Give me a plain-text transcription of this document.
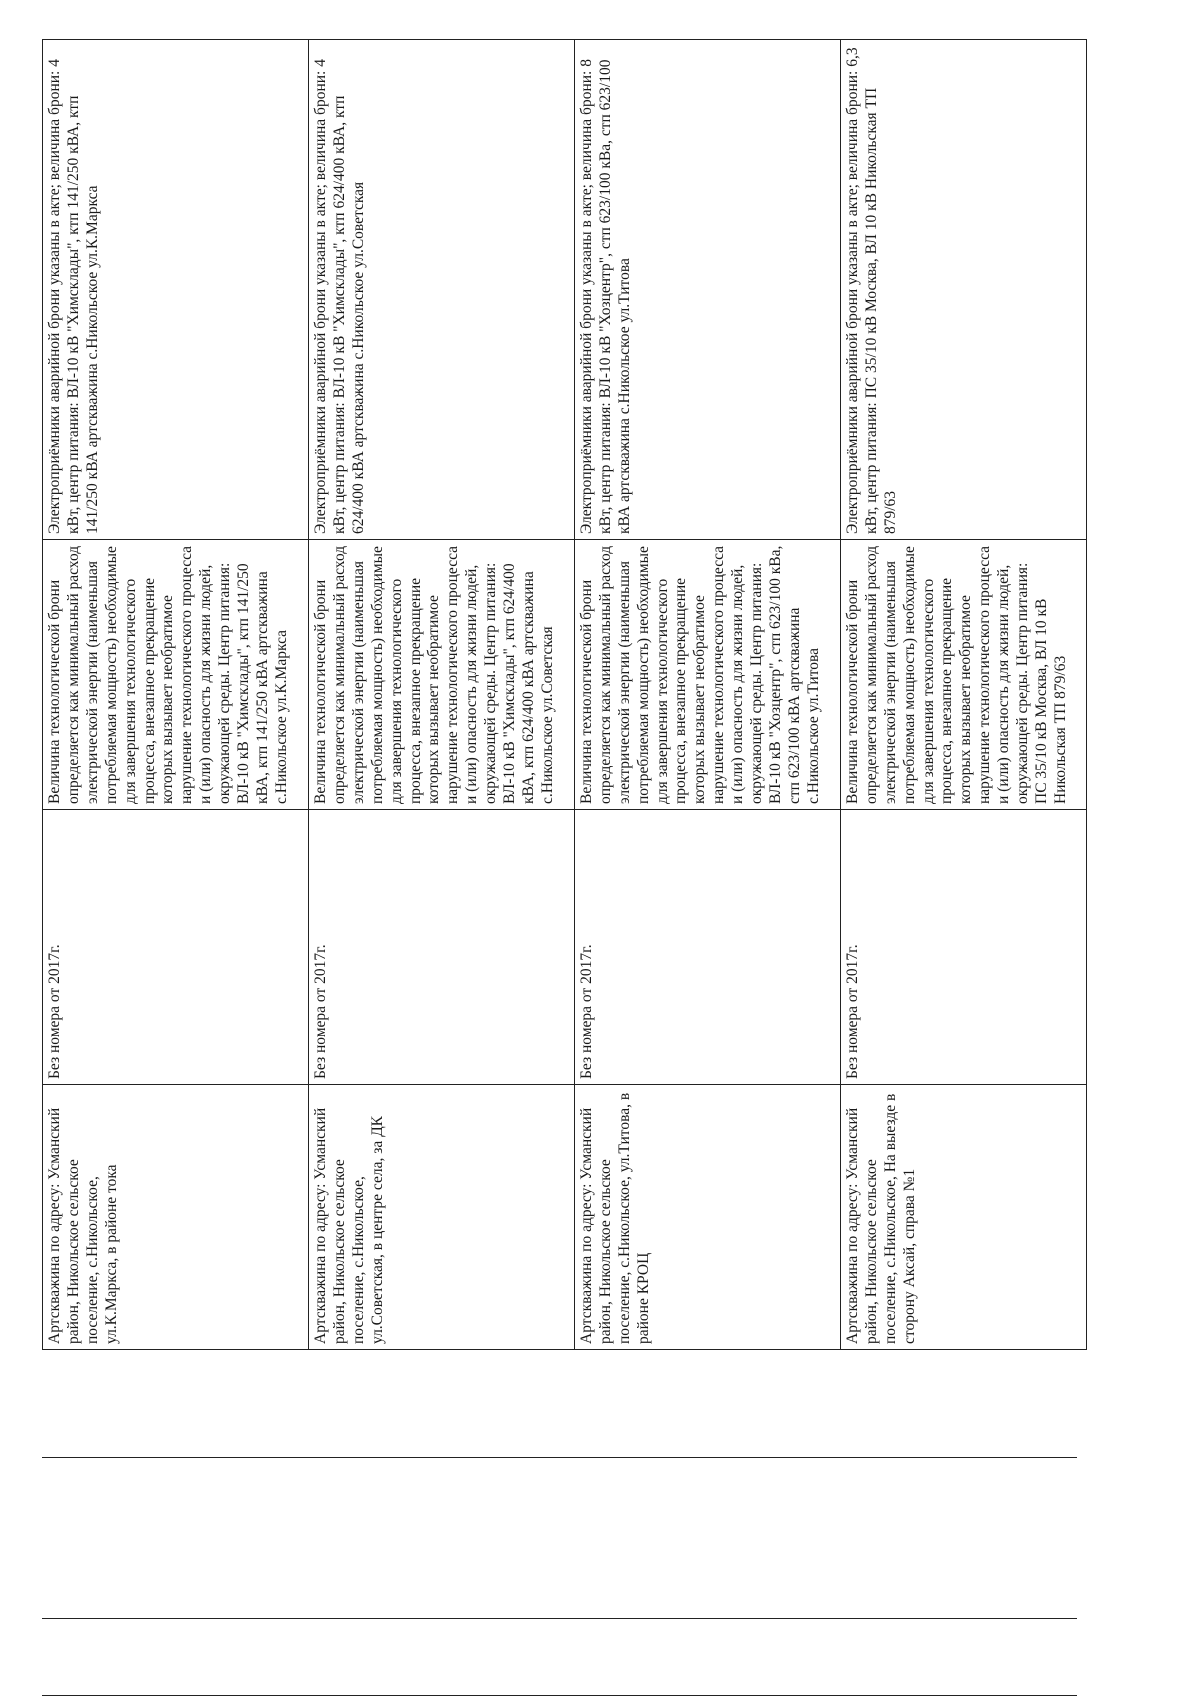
Артскважина по адресу: Усманский район, Никольское сельское поселение, с.Никольское, ул.К.Маркса, в районе тока	Без номера от 2017г.	Величина технологической брони определяется как минимальный расход электрической энергии (наименьшая потребляемая мощность) необходимые для завершения технологического процесса, внезапное прекращение которых вызывает необратимое нарушение технологического процесса и (или) опасность для жизни людей, окружающей среды. Центр питания: ВЛ-10 кВ "Химсклады", ктп 141/250 кВА, ктп 141/250 кВА артскважина с.Никольское ул.К.Маркса	Электроприёмники аварийной брони указаны в акте; величина брони: 4 кВт, центр питания: ВЛ-10 кВ "Химсклады", ктп 141/250 кВА, ктп 141/250 кВА артскважина с.Никольское ул.К.Маркса
Артскважина по адресу: Усманский район, Никольское сельское поселение, с.Никольское, ул.Советская, в центре села, за ДК	Без номера от 2017г.	Величина технологической брони определяется как минимальный расход электрической энергии (наименьшая потребляемая мощность) необходимые для завершения технологического процесса, внезапное прекращение которых вызывает необратимое нарушение технологического процесса и (или) опасность для жизни людей, окружающей среды. Центр питания: ВЛ-10 кВ "Химсклады", ктп 624/400 кВА, ктп 624/400 кВА артскважина с.Никольское ул.Советская	Электроприёмники аварийной брони указаны в акте; величина брони: 4 кВт, центр питания: ВЛ-10 кВ "Химсклады", ктп 624/400 кВА, ктп 624/400 кВА артскважина с.Никольское ул.Советская
Артскважина по адресу: Усманский район, Никольское сельское поселение, с.Никольское, ул.Титова, в районе КРОЦ	Без номера от 2017г.	Величина технологической брони определяется как минимальный расход электрической энергии (наименьшая потребляемая мощность) необходимые для завершения технологического процесса, внезапное прекращение которых вызывает необратимое нарушение технологического процесса и (или) опасность для жизни людей, окружающей среды. Центр питания: ВЛ-10 кВ "Хозцентр", стп 623/100 кВа, стп 623/100 кВА артскважина с.Никольское ул.Титова	Электроприёмники аварийной брони указаны в акте; величина брони: 8 кВт, центр питания: ВЛ-10 кВ "Хозцентр", стп 623/100 кВа, стп 623/100 кВА артскважина с.Никольское ул.Титова
Артскважина по адресу: Усманский район, Никольское сельское поселение, с.Никольское, На выезде в сторону Аксай, справа №1	Без номера от 2017г.	Величина технологической брони определяется как минимальный расход электрической энергии (наименьшая потребляемая мощность) необходимые для завершения технологического процесса, внезапное прекращение которых вызывает необратимое нарушение технологического процесса и (или) опасность для жизни людей, окружающей среды. Центр питания: ПС 35/10 кВ Москва, ВЛ 10 кВ Никольская ТП 879/63	Электроприёмники аварийной брони указаны в акте; величина брони: 6,3 кВт, центр питания: ПС 35/10 кВ Москва, ВЛ 10 кВ Никольская ТП 879/63
